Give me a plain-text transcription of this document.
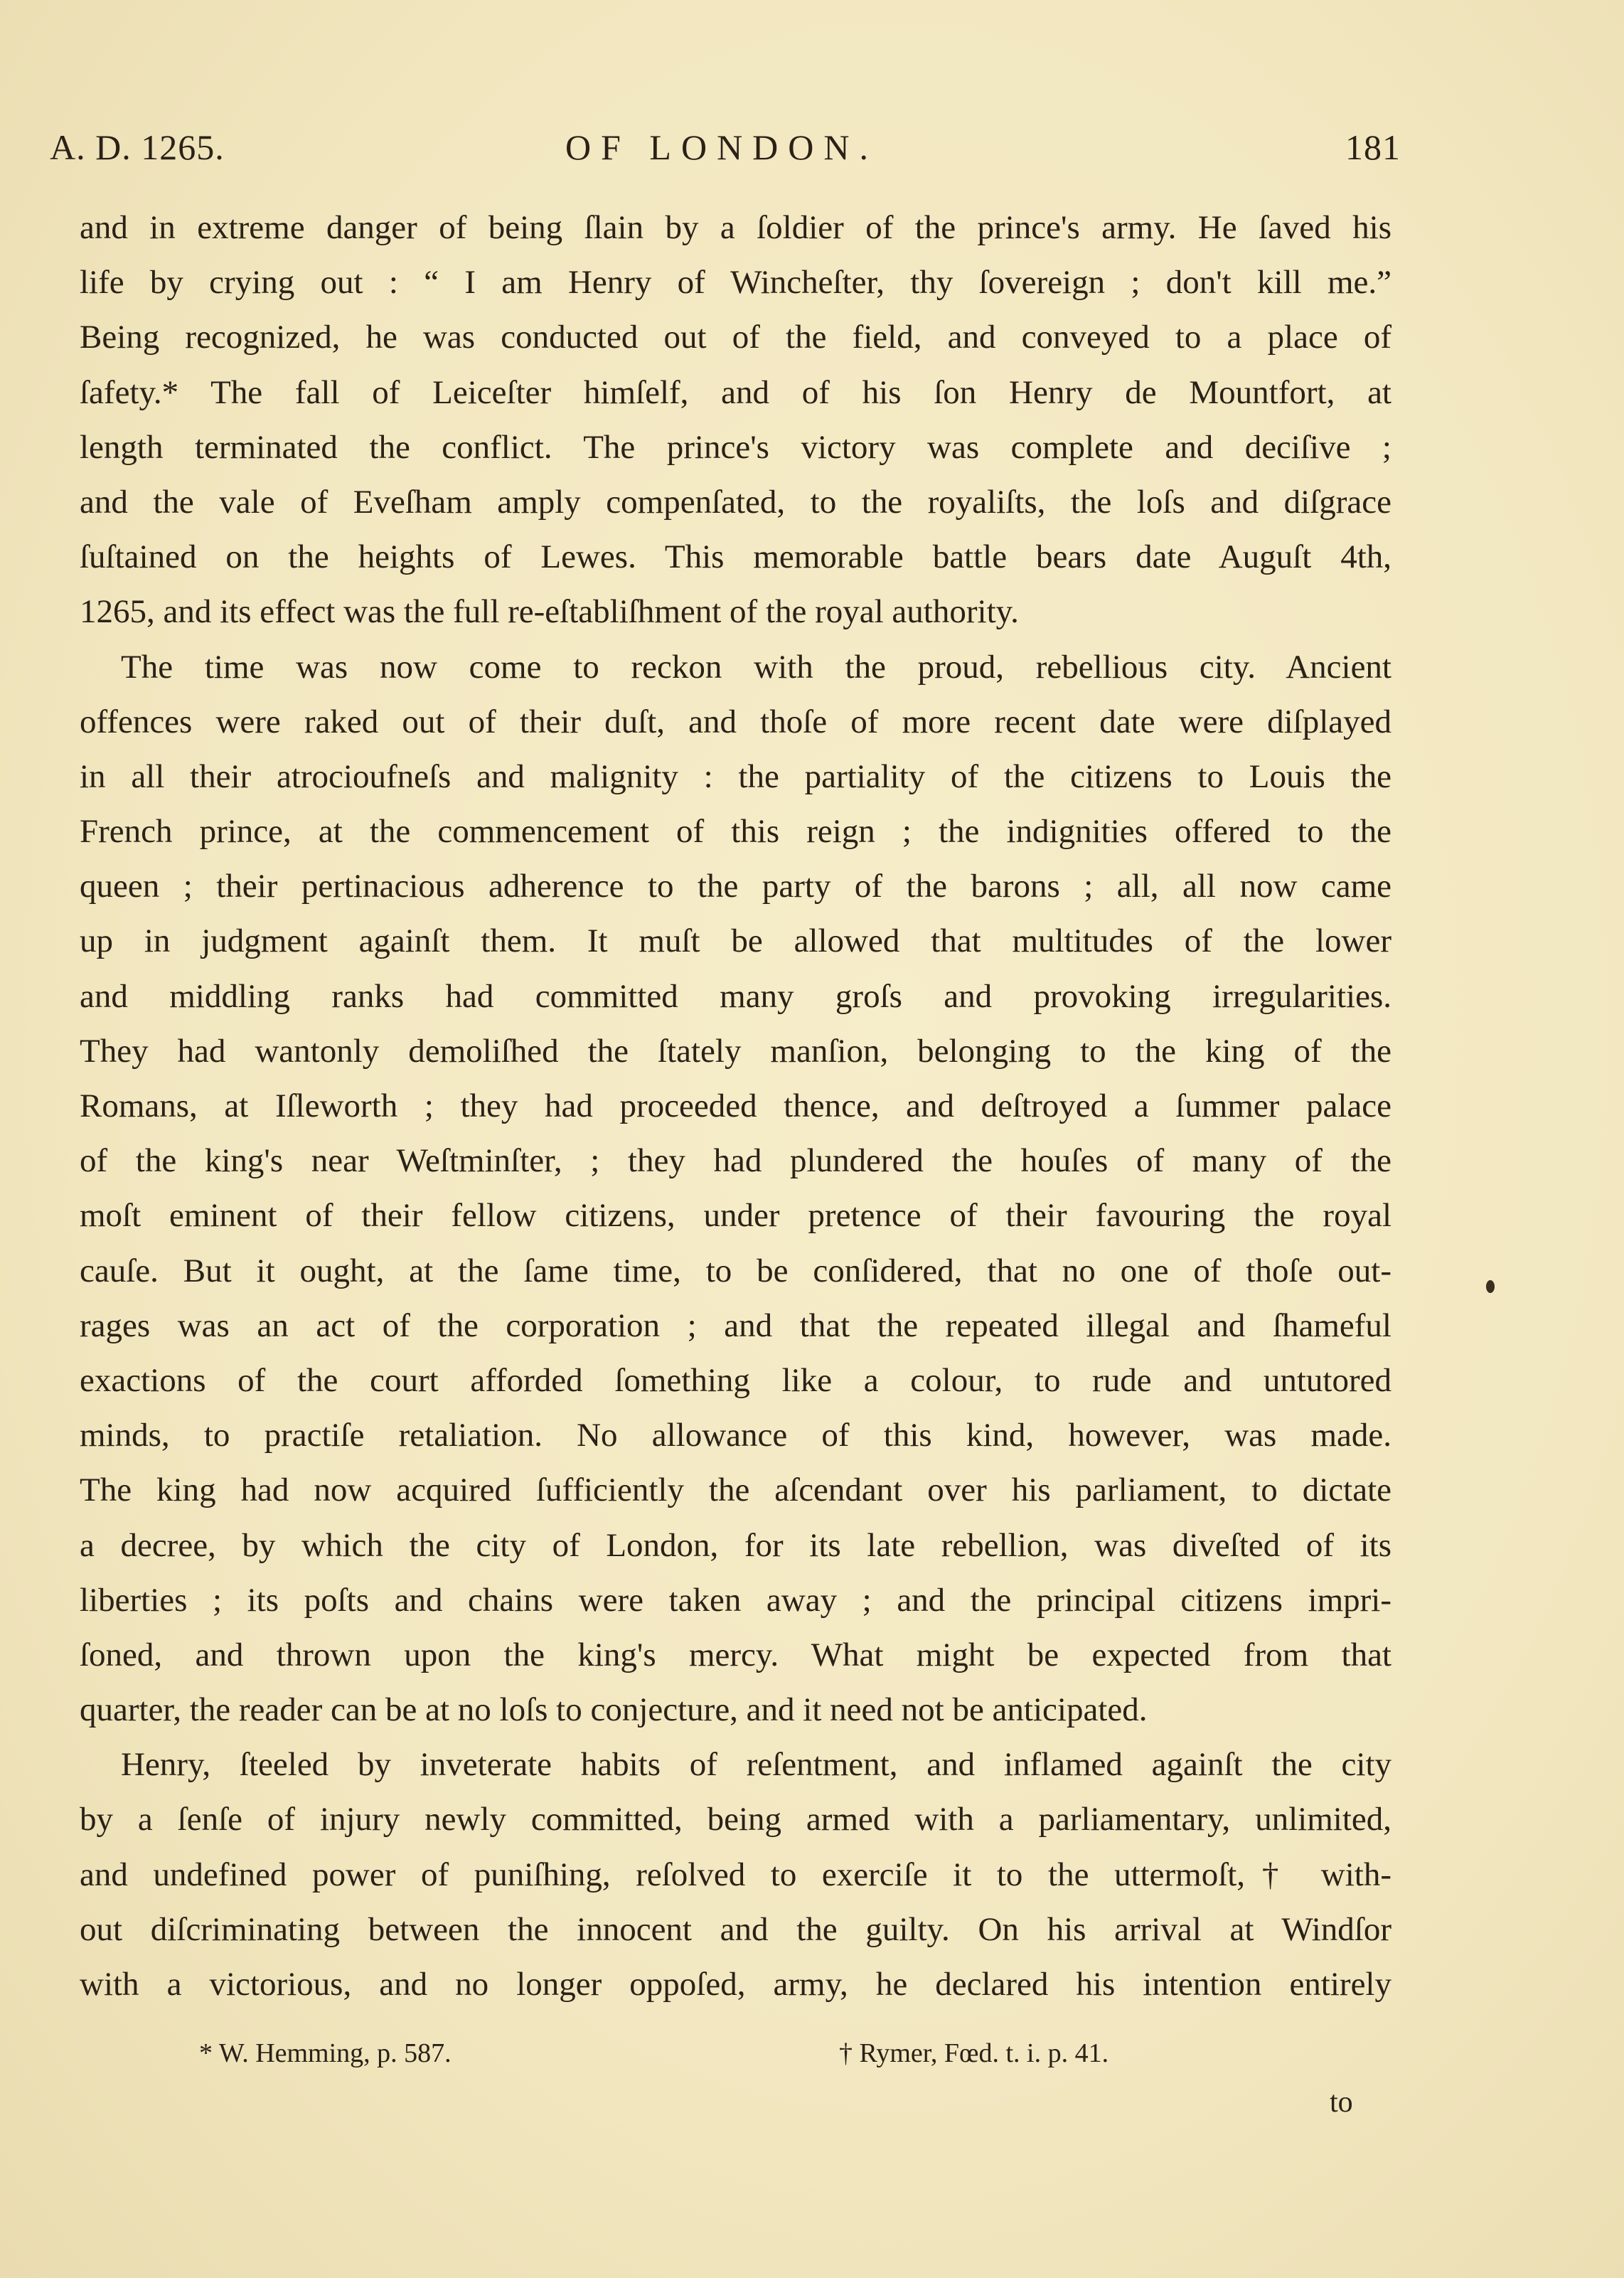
A. D. 1265.	OF LONDON.	181
and in extreme danger of being ſlain by a ſoldier of the prince's army. He ſaved his
life by crying out : “ I am Henry of Wincheſter, thy ſovereign ; don't kill me.”
Being recognized, he was conducted out of the field, and conveyed to a place of
ſafety.* The fall of Leiceſter himſelf, and of his ſon Henry de Mountfort, at
length terminated the conflict. The prince's victory was complete and deciſive ;
and the vale of Eveſham amply compenſated, to the royaliſts, the loſs and diſgrace
ſuſtained on the heights of Lewes. This memorable battle bears date Auguſt 4th,
1265, and its effect was the full re-eſtabliſhment of the royal authority.
The time was now come to reckon with the proud, rebellious city. Ancient
offences were raked out of their duſt, and thoſe of more recent date were diſplayed
in all their atrocioufneſs and malignity : the partiality of the citizens to Louis the
French prince, at the commencement of this reign ; the indignities offered to the
queen ; their pertinacious adherence to the party of the barons ; all, all now came
up in judgment againſt them. It muſt be allowed that multitudes of the lower
and middling ranks had committed many groſs and provoking irregularities.
They had wantonly demoliſhed the ſtately manſion, belonging to the king of the
Romans, at Iſleworth ; they had proceeded thence, and deſtroyed a ſummer palace
of the king's near Weſtminſter, ; they had plundered the houſes of many of the
moſt eminent of their fellow citizens, under pretence of their favouring the royal
cauſe. But it ought, at the ſame time, to be conſidered, that no one of thoſe out-
rages was an act of the corporation ; and that the repeated illegal and ſhameful
exactions of the court afforded ſomething like a colour, to rude and untutored
minds, to practiſe retaliation. No allowance of this kind, however, was made.
The king had now acquired ſufficiently the aſcendant over his parliament, to dictate
a decree, by which the city of London, for its late rebellion, was diveſted of its
liberties ; its poſts and chains were taken away ; and the principal citizens impri-
ſoned, and thrown upon the king's mercy. What might be expected from that
quarter, the reader can be at no loſs to conjecture, and it need not be anticipated.
Henry, ſteeled by inveterate habits of reſentment, and inflamed againſt the city
by a ſenſe of injury newly committed, being armed with a parliamentary, unlimited,
and undefined power of puniſhing, reſolved to exerciſe it to the uttermoſt,† with-
out diſcriminating between the innocent and the guilty. On his arrival at Windſor
with a victorious, and no longer oppoſed, army, he declared his intention entirely
* W. Hemming, p. 587.	† Rymer, Fœd. t. i. p. 41.
to
